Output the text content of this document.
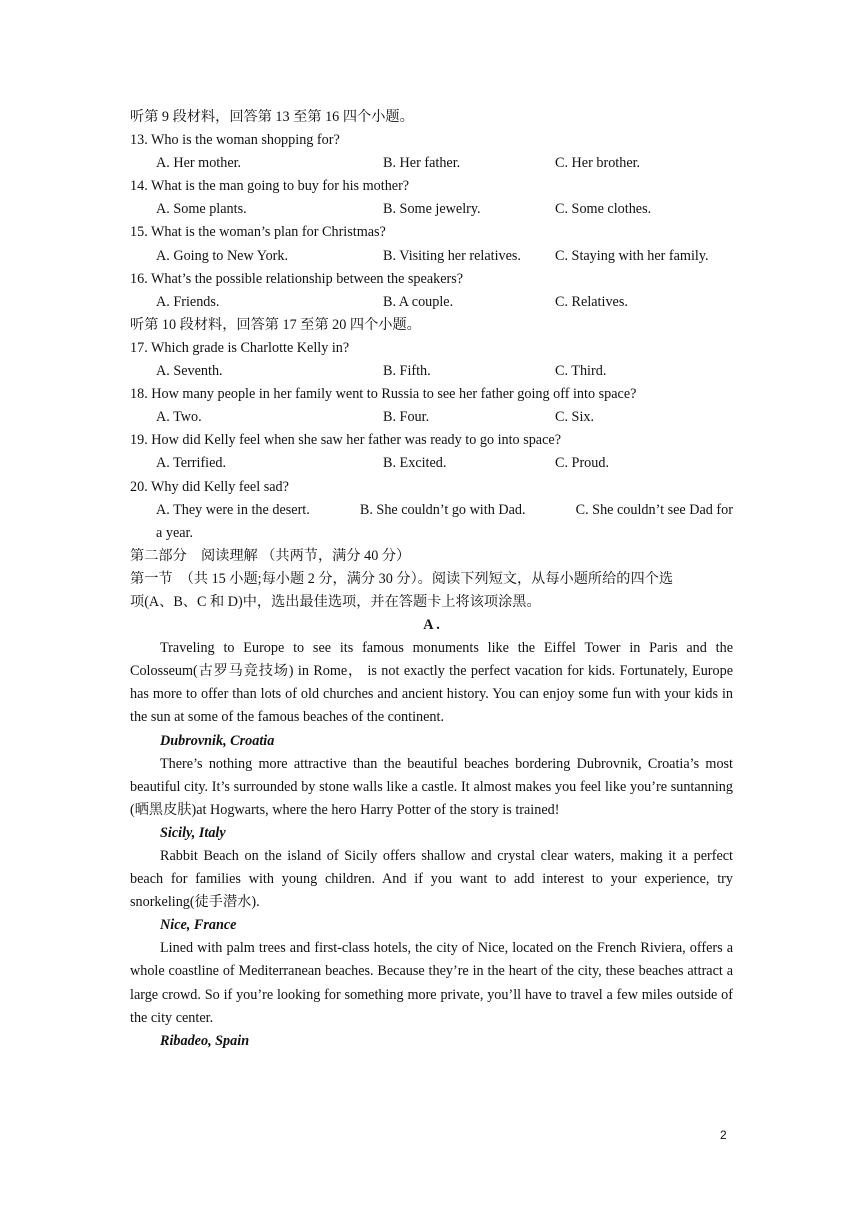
听第 9 段材料，回答第 13 至第 16 四个小题。
13. Who is the woman shopping for?
A. Her mother.	B. Her father.	C. Her brother.
14. What is the man going to buy for his mother?
A. Some plants.	B. Some jewelry.	C. Some clothes.
15. What is the woman’s plan for Christmas?
A. Going to New York.	B. Visiting her relatives. C. Staying with her family.
16. What’s the possible relationship between the speakers?
A. Friends.	B. A couple.	C. Relatives.
听第 10 段材料，回答第 17 至第 20 四个小题。
17. Which grade is Charlotte Kelly in?
A. Seventh.	B. Fifth.	C. Third.
18. How many people in her family went to Russia to see her father going off into space?
A. Two.	B. Four.	C. Six.
19. How did Kelly feel when she saw her father was ready to go into space?
A. Terrified.	B. Excited.	C. Proud.
20. Why did Kelly feel sad?
A. They were in the desert.	B. She couldn’t go with Dad.	C. She couldn’t see Dad for
a year.
第二部分　阅读理解 （共两节，满分 40 分）
第一节　（共 15 小题;每小题 2 分，满分 30 分）。阅读下列短文，从每小题所给的四个选
项(A、B、C 和 D)中，选出最佳选项，并在答题卡上将该项涂黑。
A .

Traveling to Europe to see its famous monuments like the Eiffel Tower in Paris and the Colosseum(古罗马竞技场) in Rome， is not exactly the perfect vacation for kids. Fortunately, Europe has more to offer than lots of old churches and ancient history. You can enjoy some fun with your kids in the sun at some of the famous beaches of the continent.

Dubrovnik, Croatia

There’s nothing more attractive than the beautiful beaches bordering Dubrovnik, Croatia’s most beautiful city. It’s surrounded by stone walls like a castle. It almost makes you feel like you’re suntanning (晒黑皮肤)at Hogwarts, where the hero Harry Potter of the story is trained!

Sicily, Italy

Rabbit Beach on the island of Sicily offers shallow and crystal clear waters, making it a perfect beach for families with young children. And if you want to add interest to your experience, try snorkeling(徒手潜水).

Nice, France

Lined with palm trees and first-class hotels, the city of Nice, located on the French Riviera, offers a whole coastline of Mediterranean beaches. Because they’re in the heart of the city, these beaches attract a large crowd. So if you’re looking for something more private, you’ll have to travel a few miles outside of the city center.

Ribadeo, Spain
2
